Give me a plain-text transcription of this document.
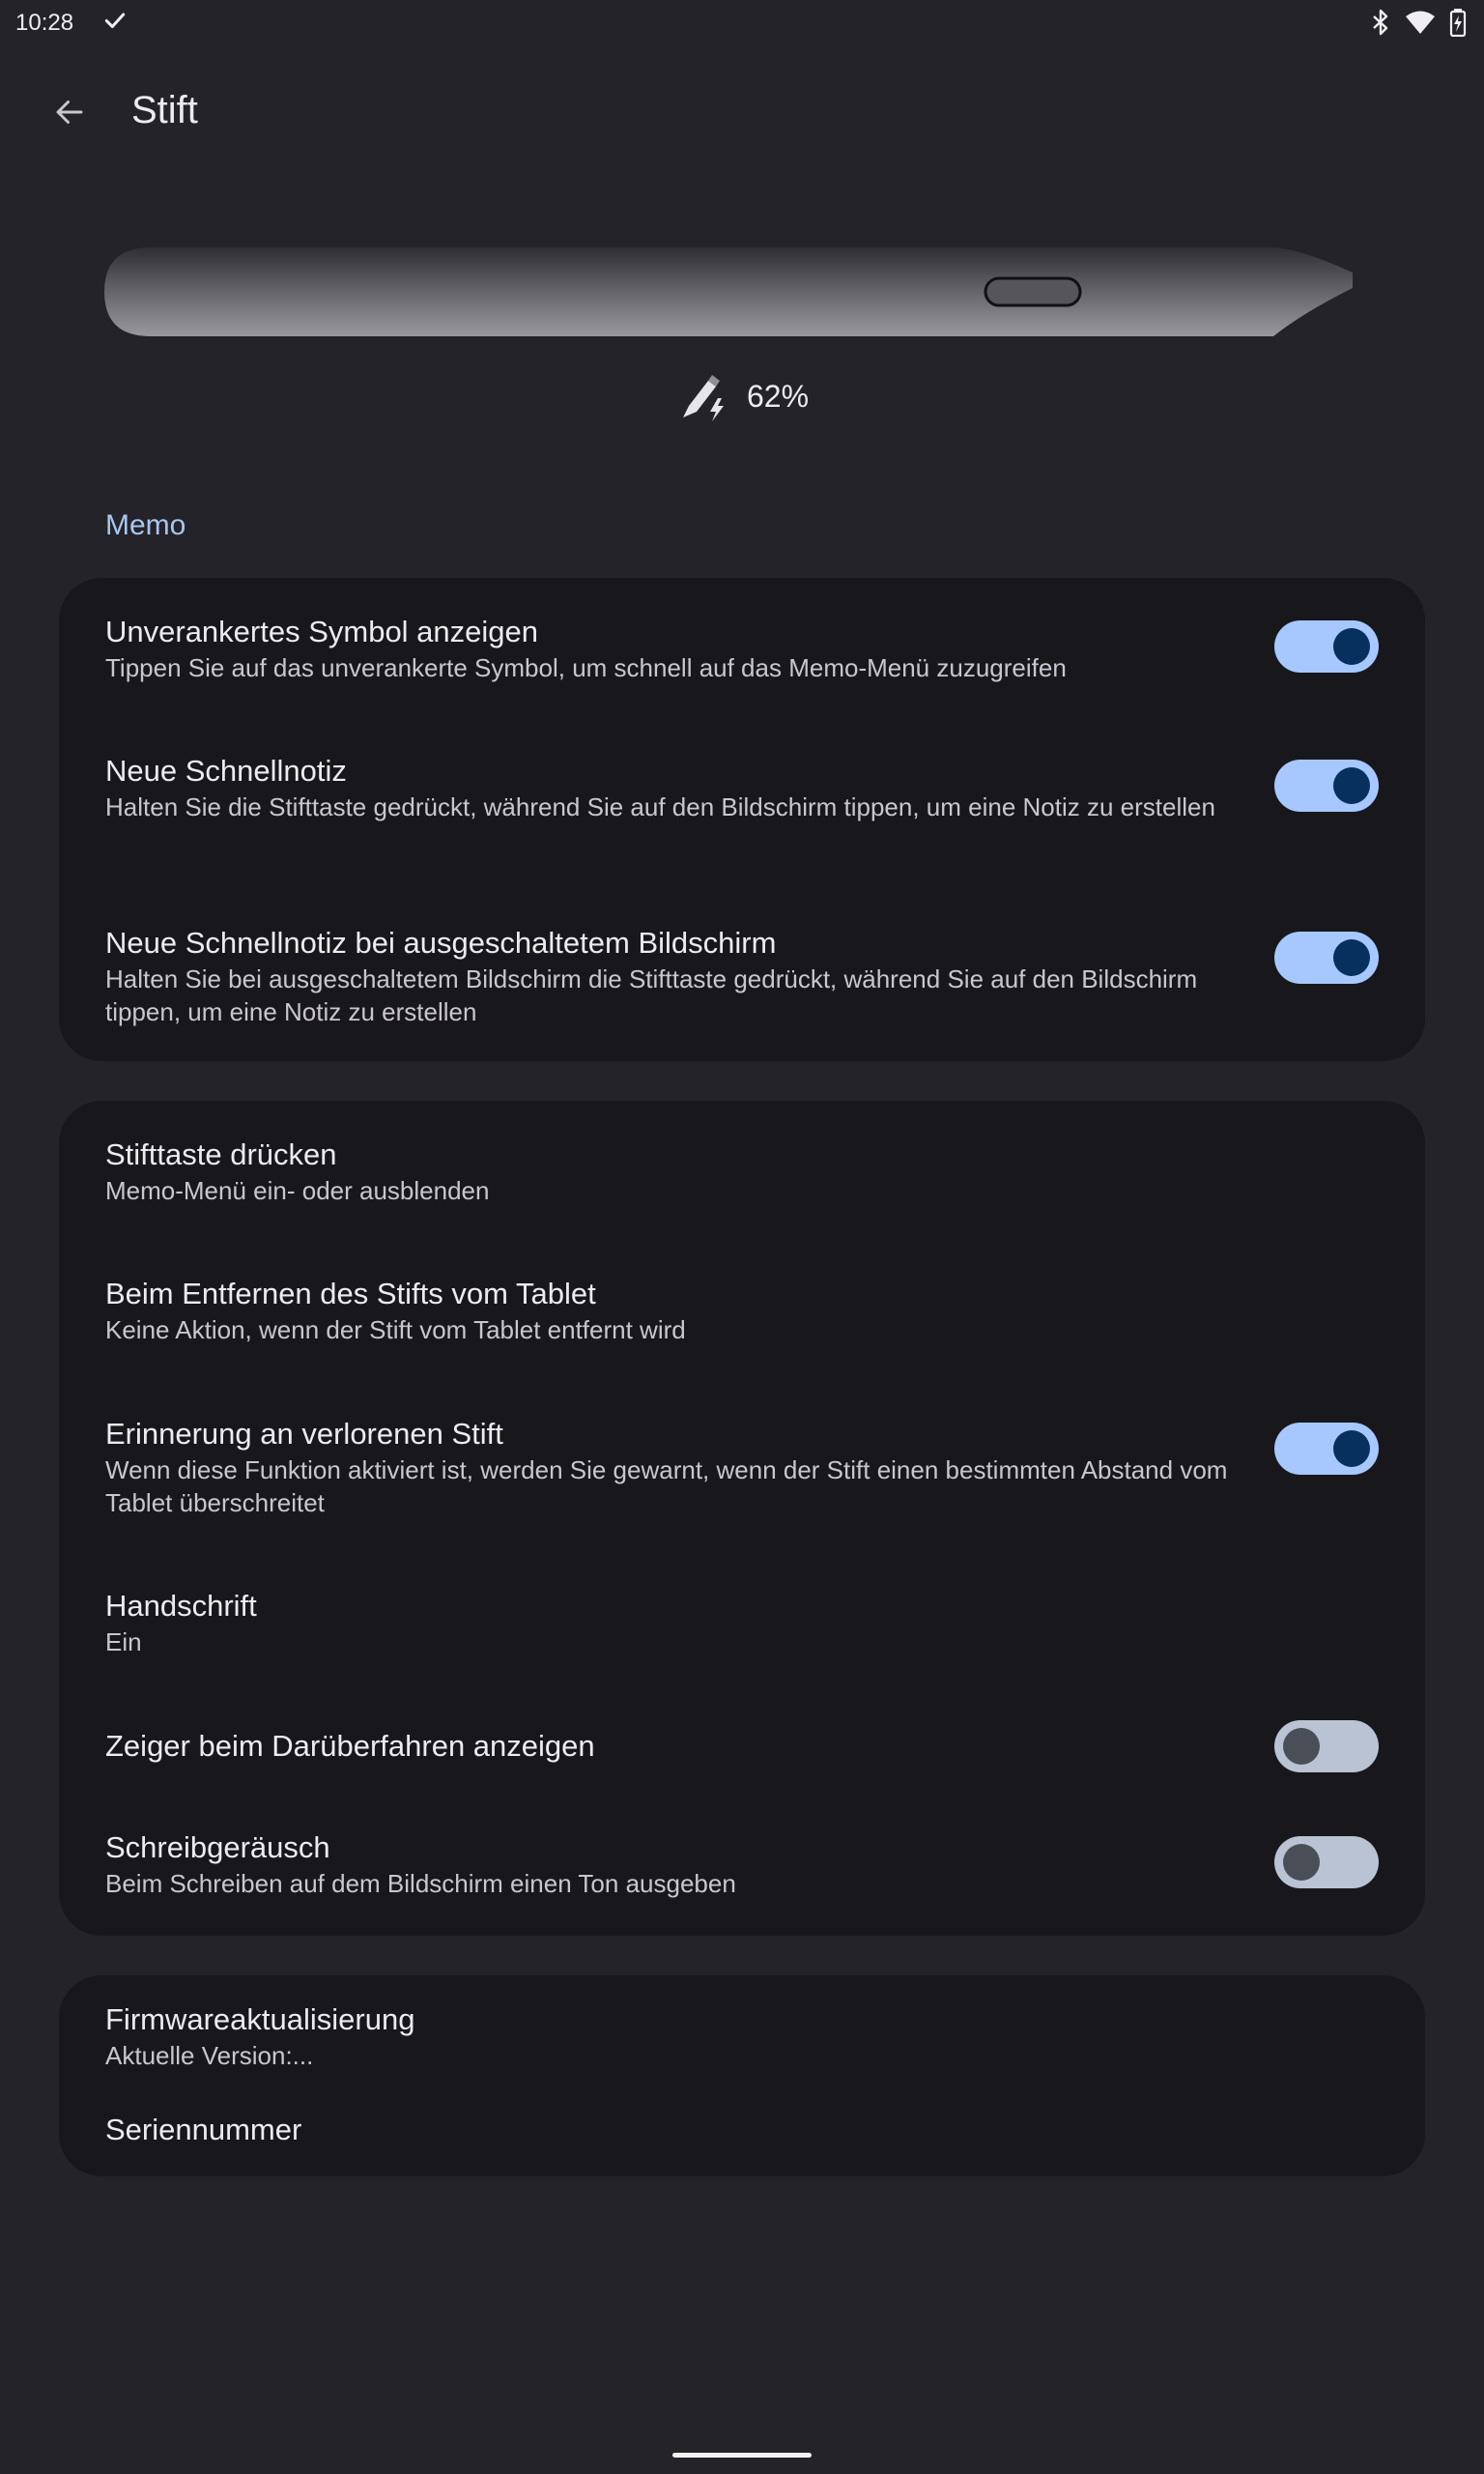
10:28
Stift
62%
Memo
Unverankertes Symbol anzeigen
Tippen Sie auf das unverankerte Symbol, um schnell auf das Memo-Menü zuzugreifen
Neue Schnellnotiz
Halten Sie die Stifttaste gedrückt, während Sie auf den Bildschirm tippen, um eine Notiz zu erstellen
Neue Schnellnotiz bei ausgeschaltetem Bildschirm
Halten Sie bei ausgeschaltetem Bildschirm die Stifttaste gedrückt, während Sie auf den Bildschirm tippen, um eine Notiz zu erstellen
Stifttaste drücken
Memo-Menü ein- oder ausblenden
Beim Entfernen des Stifts vom Tablet
Keine Aktion, wenn der Stift vom Tablet entfernt wird
Erinnerung an verlorenen Stift
Wenn diese Funktion aktiviert ist, werden Sie gewarnt, wenn der Stift einen bestimmten Abstand vom Tablet überschreitet
Handschrift
Ein
Zeiger beim Darüberfahren anzeigen
Schreibgeräusch
Beim Schreiben auf dem Bildschirm einen Ton ausgeben
Firmwareaktualisierung
Aktuelle Version:...
Seriennummer
